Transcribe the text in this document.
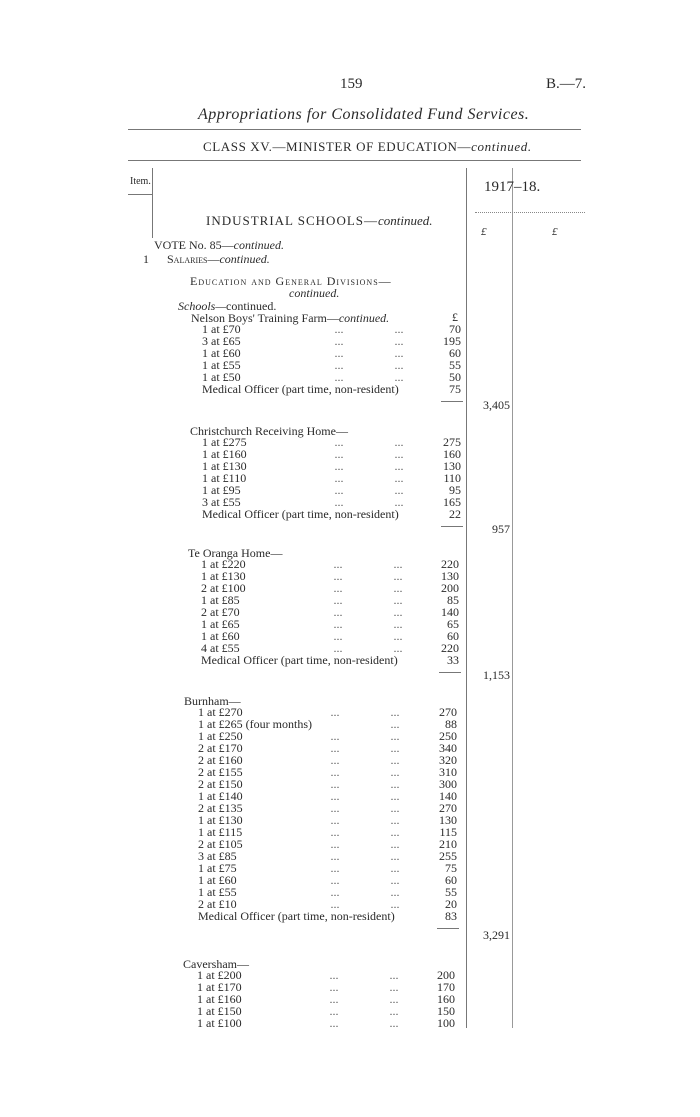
159	B.—7.
Appropriations for Consolidated Fund Services.
CLASS XV.—MINISTER OF EDUCATION—continued.
Item.	1917–18.
£	£
INDUSTRIAL SCHOOLS—continued.
VOTE No. 85—continued.
1 Salaries—continued.
Education and General Divisions—
continued.
Schools—continued.
Nelson Boys' Training Farm—continued.	£
1 at £70	...	...	70
3 at £65	...	...	195
1 at £60	...	...	60
1 at £55	...	...	55
1 at £50	...	...	50
Medical Officer (part time, non-resident)	75
3,405
Christchurch Receiving Home—
1 at £275	...	...	275
1 at £160	...	...	160
1 at £130	...	...	130
1 at £110	...	...	110
1 at £95	...	...	95
3 at £55	...	...	165
Medical Officer (part time, non-resident)	22
957
Te Oranga Home—
1 at £220	...	...	220
1 at £130	...	...	130
2 at £100	...	...	200
1 at £85	...	...	85
2 at £70	...	...	140
1 at £65	...	...	65
1 at £60	...	...	60
4 at £55	...	...	220
Medical Officer (part time, non-resident)	33
1,153
Burnham—
1 at £270	...	...	270
1 at £265 (four months)	...	88
1 at £250	...	...	250
2 at £170	...	...	340
2 at £160	...	...	320
2 at £155	...	...	310
2 at £150	...	...	300
1 at £140	...	...	140
2 at £135	...	...	270
1 at £130	...	...	130
1 at £115	...	...	115
2 at £105	...	...	210
3 at £85	...	...	255
1 at £75	...	...	75
1 at £60	...	...	60
1 at £55	...	...	55
2 at £10	...	...	20
Medical Officer (part time, non-resident)	83
3,291
Caversham—
1 at £200	...	...	200
1 at £170	...	...	170
1 at £160	...	...	160
1 at £150	...	...	150
1 at £100	...	...	100
